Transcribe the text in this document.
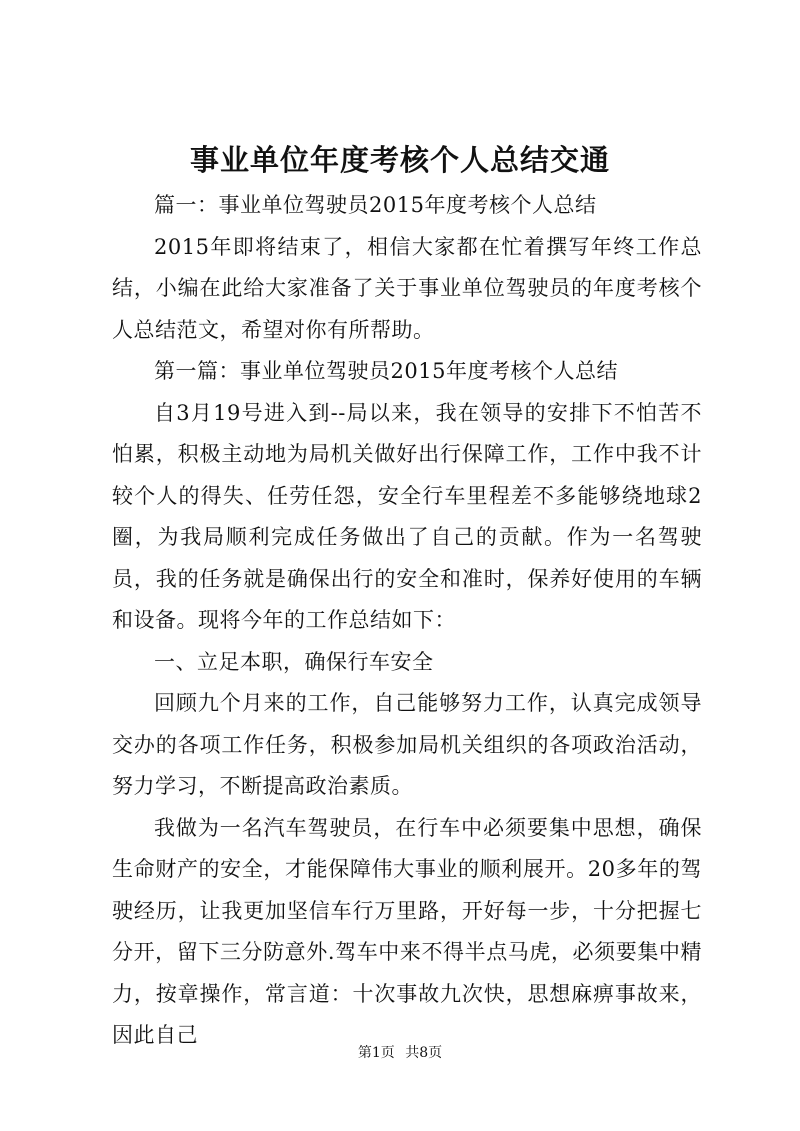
事业单位年度考核个人总结交通

篇一：事业单位驾驶员2015年度考核个人总结

2015年即将结束了，相信大家都在忙着撰写年终工作总结，小编在此给大家准备了关于事业单位驾驶员的年度考核个人总结范文，希望对你有所帮助。

第一篇：事业单位驾驶员2015年度考核个人总结

自3月19号进入到--局以来，我在领导的安排下不怕苦不怕累，积极主动地为局机关做好出行保障工作，工作中我不计较个人的得失、任劳任怨，安全行车里程差不多能够绕地球2圈，为我局顺利完成任务做出了自己的贡献。作为一名驾驶员，我的任务就是确保出行的安全和准时，保养好使用的车辆和设备。现将今年的工作总结如下：

一、立足本职，确保行车安全

回顾九个月来的工作，自己能够努力工作，认真完成领导交办的各项工作任务，积极参加局机关组织的各项政治活动，努力学习，不断提高政治素质。

我做为一名汽车驾驶员，在行车中必须要集中思想，确保生命财产的安全，才能保障伟大事业的顺利展开。20多年的驾驶经历，让我更加坚信车行万里路，开好每一步，十分把握七分开，留下三分防意外.驾车中来不得半点马虎，必须要集中精力，按章操作，常言道：十次事故九次快，思想麻痹事故来，因此自己

第1页 共8页
